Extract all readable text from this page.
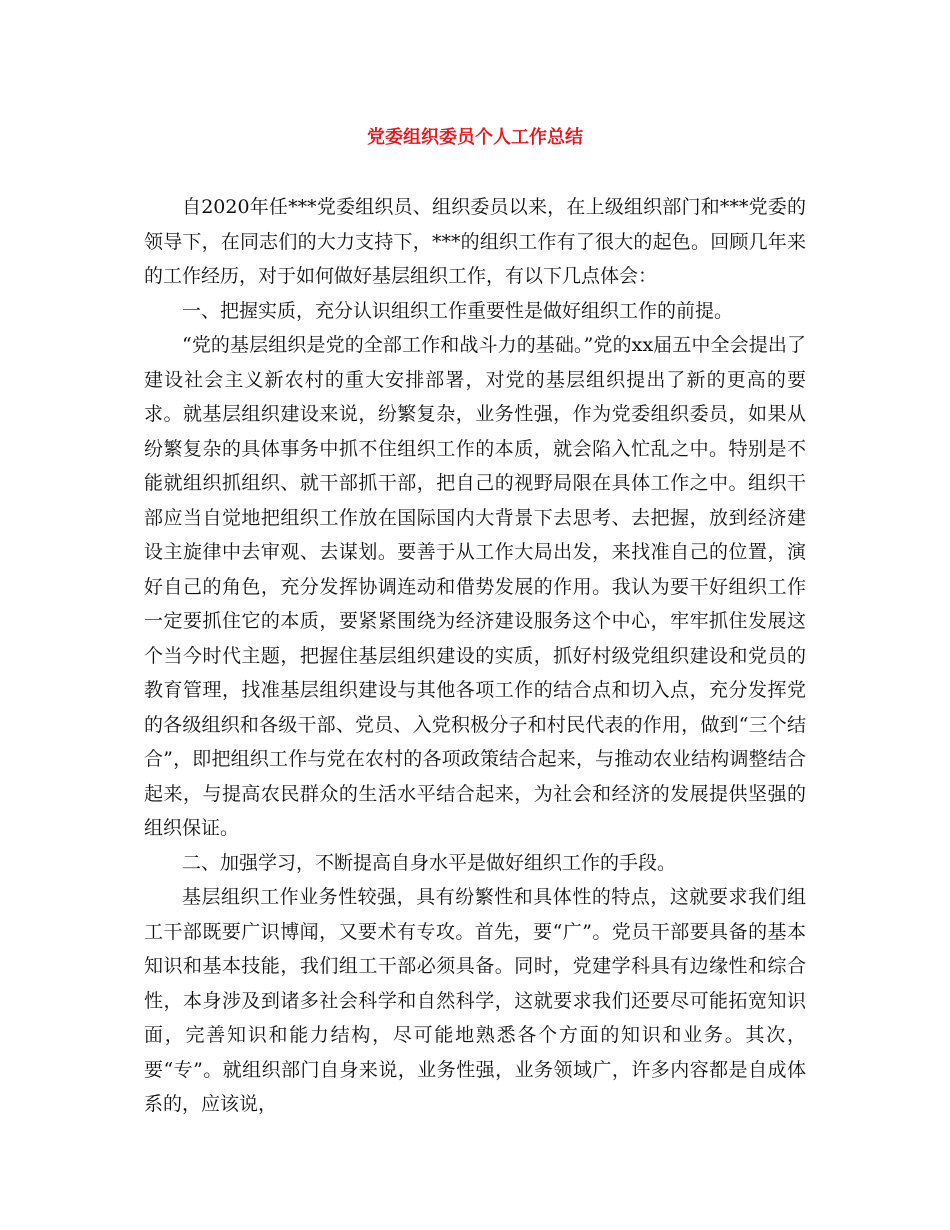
党委组织委员个人工作总结

自2020年任***党委组织员、组织委员以来，在上级组织部门和***党委的领导下，在同志们的大力支持下，***的组织工作有了很大的起色。回顾几年来的工作经历，对于如何做好基层组织工作，有以下几点体会：

一、把握实质，充分认识组织工作重要性是做好组织工作的前提。

“党的基层组织是党的全部工作和战斗力的基础。”党的xx届五中全会提出了建设社会主义新农村的重大安排部署，对党的基层组织提出了新的更高的要求。就基层组织建设来说，纷繁复杂，业务性强，作为党委组织委员，如果从纷繁复杂的具体事务中抓不住组织工作的本质，就会陷入忙乱之中。特别是不能就组织抓组织、就干部抓干部，把自己的视野局限在具体工作之中。组织干部应当自觉地把组织工作放在国际国内大背景下去思考、去把握，放到经济建设主旋律中去审观、去谋划。要善于从工作大局出发，来找准自己的位置，演好自己的角色，充分发挥协调连动和借势发展的作用。我认为要干好组织工作一定要抓住它的本质，要紧紧围绕为经济建设服务这个中心，牢牢抓住发展这个当今时代主题，把握住基层组织建设的实质，抓好村级党组织建设和党员的教育管理，找准基层组织建设与其他各项工作的结合点和切入点，充分发挥党的各级组织和各级干部、党员、入党积极分子和村民代表的作用，做到“三个结合”，即把组织工作与党在农村的各项政策结合起来，与推动农业结构调整结合起来，与提高农民群众的生活水平结合起来，为社会和经济的发展提供坚强的组织保证。

二、加强学习，不断提高自身水平是做好组织工作的手段。

基层组织工作业务性较强，具有纷繁性和具体性的特点，这就要求我们组工干部既要广识博闻，又要术有专攻。首先，要“广”。党员干部要具备的基本知识和基本技能，我们组工干部必须具备。同时，党建学科具有边缘性和综合性，本身涉及到诸多社会科学和自然科学，这就要求我们还要尽可能拓宽知识面，完善知识和能力结构，尽可能地熟悉各个方面的知识和业务。其次，要“专”。就组织部门自身来说，业务性强，业务领域广，许多内容都是自成体系的，应该说，
